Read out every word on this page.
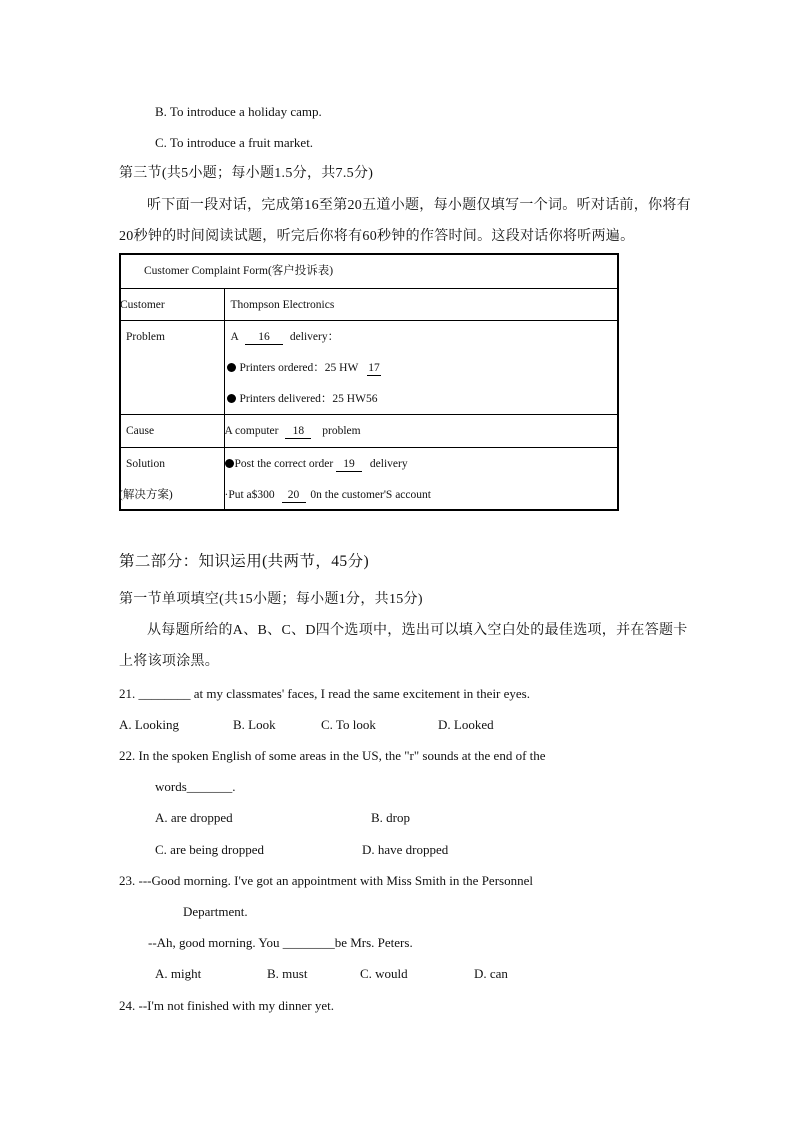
B. To introduce a holiday camp.
C. To introduce a fruit market.
第三节(共5小题；每小题1.5分，共7.5分)
听下面一段对话，完成第16至第20五道小题，每小题仅填写一个词。听对话前，你将有
20秒钟的时间阅读试题，听完后你将有60秒钟的作答时间。这段对话你将听两遍。
Customer Complaint Form(客户投诉表)	

Customer	Thompson Electronics

Problem	A 16 delivery：
Printers ordered：25 HW 17
Printers delivered：25 HW56

Cause	A computer 18 problem

Solution
(解决方案)	Post the correct order 19 delivery
·Put a$300 20 0n the customer'S account
第二部分：知识运用(共两节，45分)
第一节单项填空(共15小题；每小题1分，共15分)
从每题所给的A、B、C、D四个选项中，选出可以填入空白处的最佳选项，并在答题卡
上将该项涂黑。
21. ________ at my classmates' faces, I read the same excitement in their eyes.
A. Looking	B. Look	C. To look	D. Looked
22. In the spoken English of some areas in the US, the "r" sounds at the end of the
words_______.
A. are dropped	B. drop
C. are being dropped	D. have dropped
23. ---Good morning. I've got an appointment with Miss Smith in the Personnel
Department.
--Ah, good morning. You ________be Mrs. Peters.
A. might	B. must	C. would	D. can
24. --I'm not finished with my dinner yet.
